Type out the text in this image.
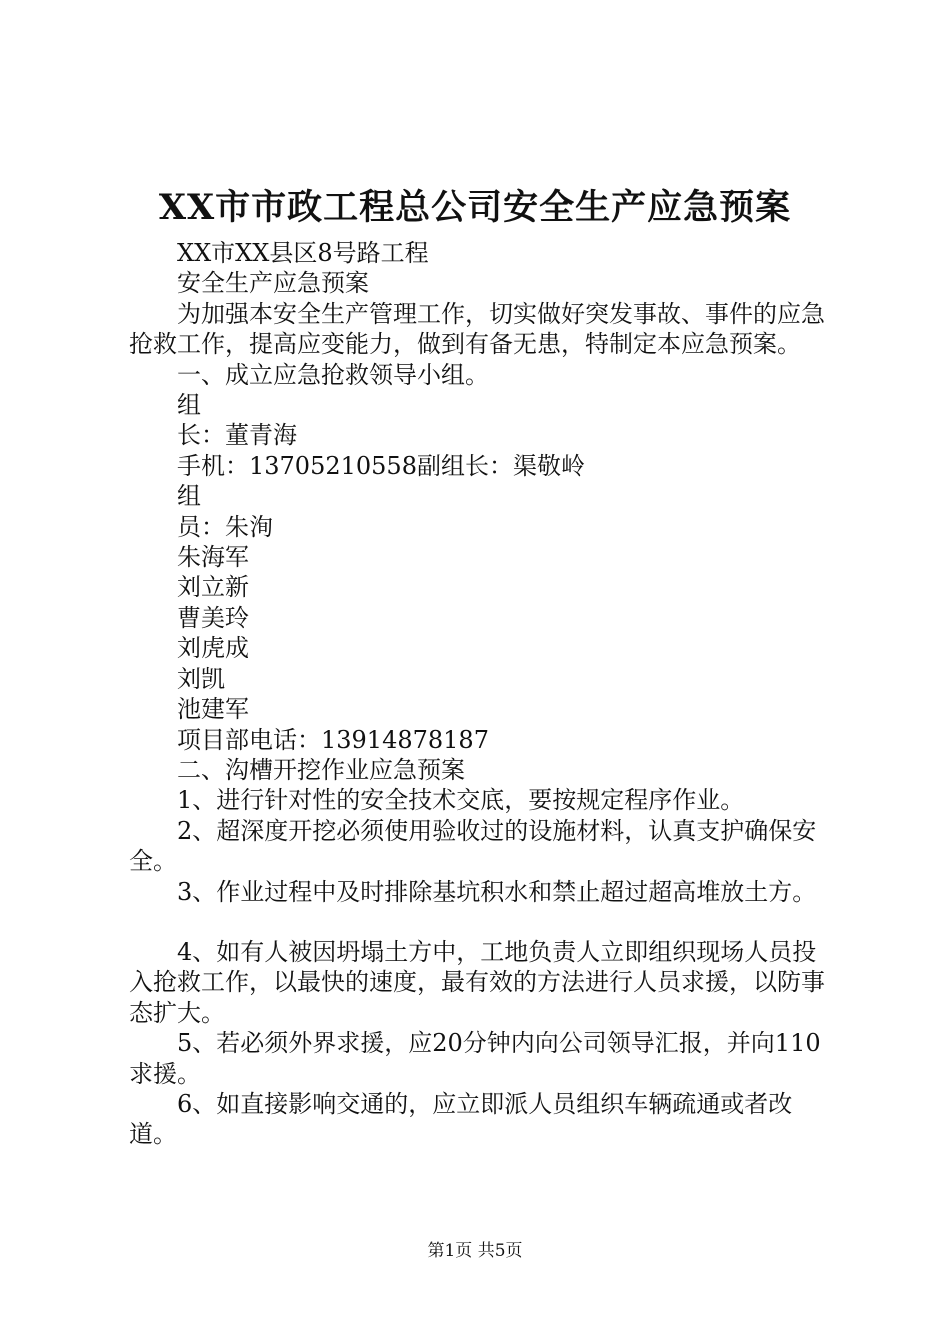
XX市市政工程总公司安全生产应急预案

XX市XX县区8号路工程

安全生产应急预案

为加强本安全生产管理工作，切实做好突发事故、事件的应急抢救工作，提高应变能力，做到有备无患，特制定本应急预案。

一、成立应急抢救领导小组。

组

长：董青海

手机：13705210558副组长：渠敬岭

组

员：朱洵

朱海军

刘立新

曹美玲

刘虎成

刘凯

池建军

项目部电话：13914878187

二、沟槽开挖作业应急预案

1、进行针对性的安全技术交底，要按规定程序作业。

2、超深度开挖必须使用验收过的设施材料，认真支护确保安全。

3、作业过程中及时排除基坑积水和禁止超过超高堆放土方。

4、如有人被因坍塌土方中，工地负责人立即组织现场人员投入抢救工作，以最快的速度，最有效的方法进行人员求援，以防事态扩大。

5、若必须外界求援，应20分钟内向公司领导汇报，并向110求援。

6、如直接影响交通的，应立即派人员组织车辆疏通或者改道。

第1页 共5页
